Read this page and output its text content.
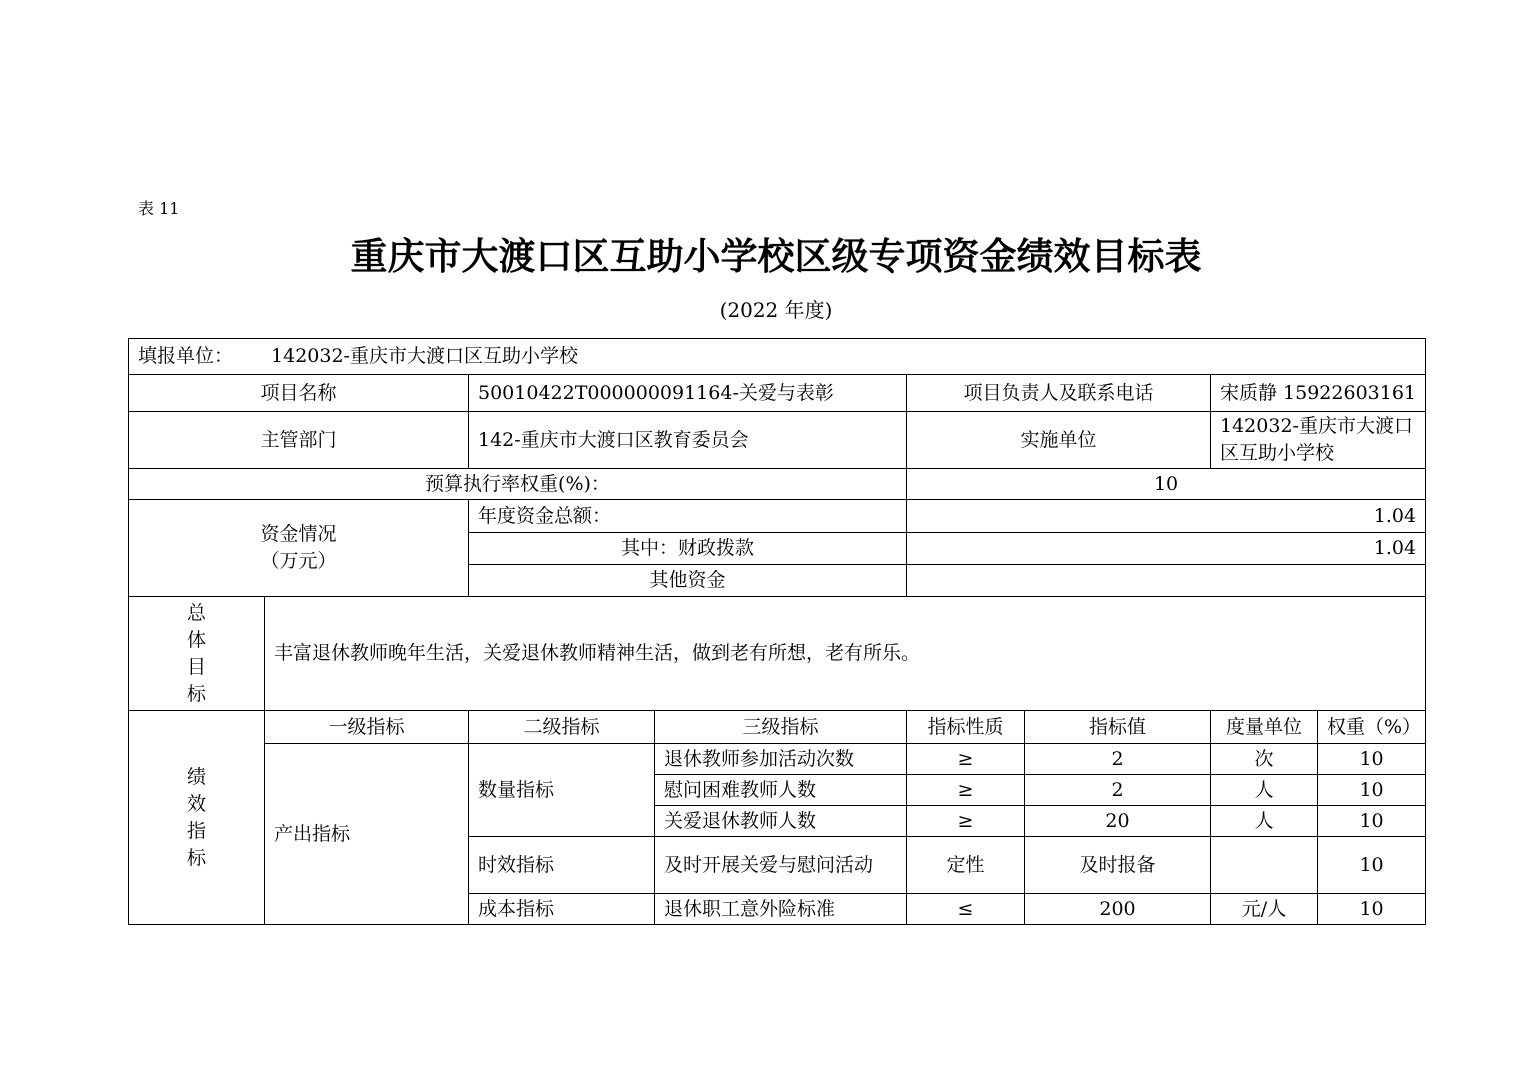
表 11
重庆市大渡口区互助小学校区级专项资金绩效目标表
(2022 年度)
填报单位： 142032-重庆市大渡口区互助小学校							
项目名称		50010422T000000091164-关爱与表彰		项目负责人及联系电话		宋质静 15922603161	
主管部门		142-重庆市大渡口区教育委员会		实施单位		142032-重庆市大渡口区互助小学校	
预算执行率权重(%)：				10			

资金情况
（万元）		年度资金总额：		1.04			
		其中：财政拨款		1.04			
		其他资金					

总
体
目
标	丰富退休教师晚年生活，关爱退休教师精神生活，做到老有所想，老有所乐。						

绩
效
指
标	一级指标	二级指标	三级指标	指标性质	指标值	度量单位	权重（%）
	产出指标	数量指标	退休教师参加活动次数	≥	2	次	10
			慰问困难教师人数	≥	2	人	10
			关爱退休教师人数	≥	20	人	10
		时效指标	及时开展关爱与慰问活动	定性	及时报备		10
		成本指标	退休职工意外险标准	≤	200	元/人	10
